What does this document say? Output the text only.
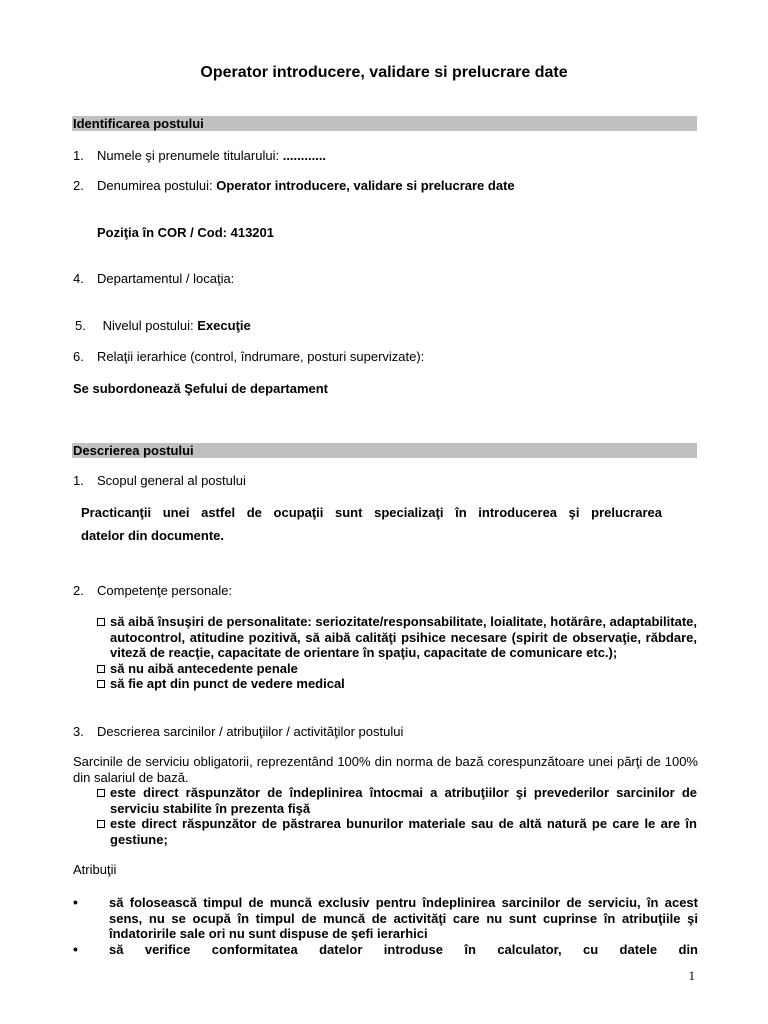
Operator introducere, validare si prelucrare date
Identificarea postului
1. Numele şi prenumele titularului: ............
2. Denumirea postului: Operator introducere, validare si prelucrare date
Poziţia în COR / Cod: 413201
4. Departamentul / locaţia:
5. Nivelul postului: Execuţie
6. Relaţii ierarhice (control, îndrumare, posturi supervizate):
Se subordonează Şefului de departament
Descrierea postului
1. Scopul general al postului
Practicanţii unei astfel de ocupaţii sunt specializaţi în introducerea şi prelucrarea
datelor din documente.
2. Competenţe personale:
să aibă însuşiri de personalitate: seriozitate/responsabilitate, loialitate, hotărâre, adaptabilitate, autocontrol, atitudine pozitivă, să aibă calităţi psihice necesare (spirit de observaţie, răbdare, viteză de reacţie, capacitate de orientare în spaţiu, capacitate de comunicare etc.);
să nu aibă antecedente penale
să fie apt din punct de vedere medical
3. Descrierea sarcinilor / atribuţiilor / activităţilor postului
Sarcinile de serviciu obligatorii, reprezentând 100% din norma de bază corespunzătoare unei părţi de 100% din salariul de bază.
este direct răspunzător de îndeplinirea întocmai a atribuţiilor şi prevederilor sarcinilor de serviciu stabilite în prezenta fişă
este direct răspunzător de păstrarea bunurilor materiale sau de altă natură pe care le are în gestiune;
Atribuţii
• să folosească timpul de muncă exclusiv pentru îndeplinirea sarcinilor de serviciu, în acest sens, nu se ocupă în timpul de muncă de activităţi care nu sunt cuprinse în atribuţiile şi îndatoririle sale ori nu sunt dispuse de şefi ierarhici
• să verifice conformitatea datelor introduse în calculator, cu datele din
1
